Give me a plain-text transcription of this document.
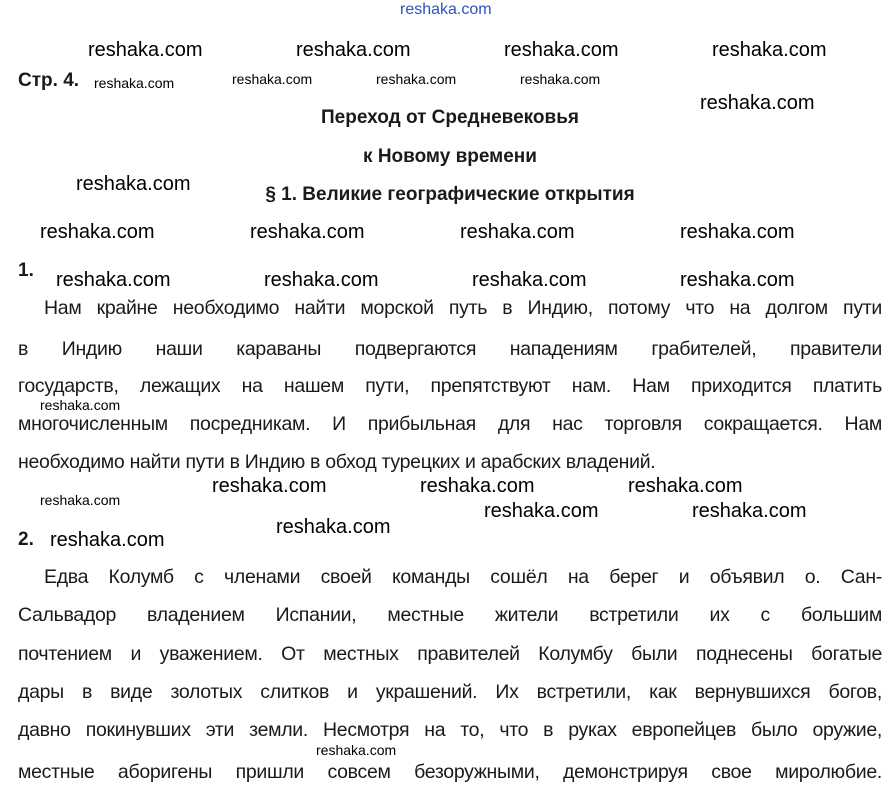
reshaka.com
Стр. 4.
Переход от Средневековья
к Новому времени
§ 1. Великие географические открытия
1.
Нам крайне необходимо найти морской путь в Индию, потому что на долгом пути
в Индию наши караваны подвергаются нападениям грабителей, правители
государств, лежащих на нашем пути, препятствуют нам. Нам приходится платить
многочисленным посредникам. И прибыльная для нас торговля сокращается. Нам
необходимо найти пути в Индию в обход турецких и арабских владений.
2.
Едва Колумб с членами своей команды сошёл на берег и объявил о. Сан-
Сальвадор владением Испании, местные жители встретили их с большим
почтением и уважением. От местных правителей Колумбу были поднесены богатые
дары в виде золотых слитков и украшений. Их встретили, как вернувшихся богов,
давно покинувших эти земли. Несмотря на то, что в руках европейцев было оружие,
местные аборигены пришли совсем безоружными, демонстрируя свое миролюбие.
reshaka.com	reshaka.com	reshaka.com	reshaka.com
reshaka.com	reshaka.com	reshaka.com	reshaka.com
reshaka.com
reshaka.com
reshaka.com	reshaka.com	reshaka.com	reshaka.com
reshaka.com	reshaka.com	reshaka.com	reshaka.com
reshaka.com
reshaka.com	reshaka.com	reshaka.com
reshaka.com
reshaka.com
reshaka.com	reshaka.com
reshaka.com
reshaka.com
